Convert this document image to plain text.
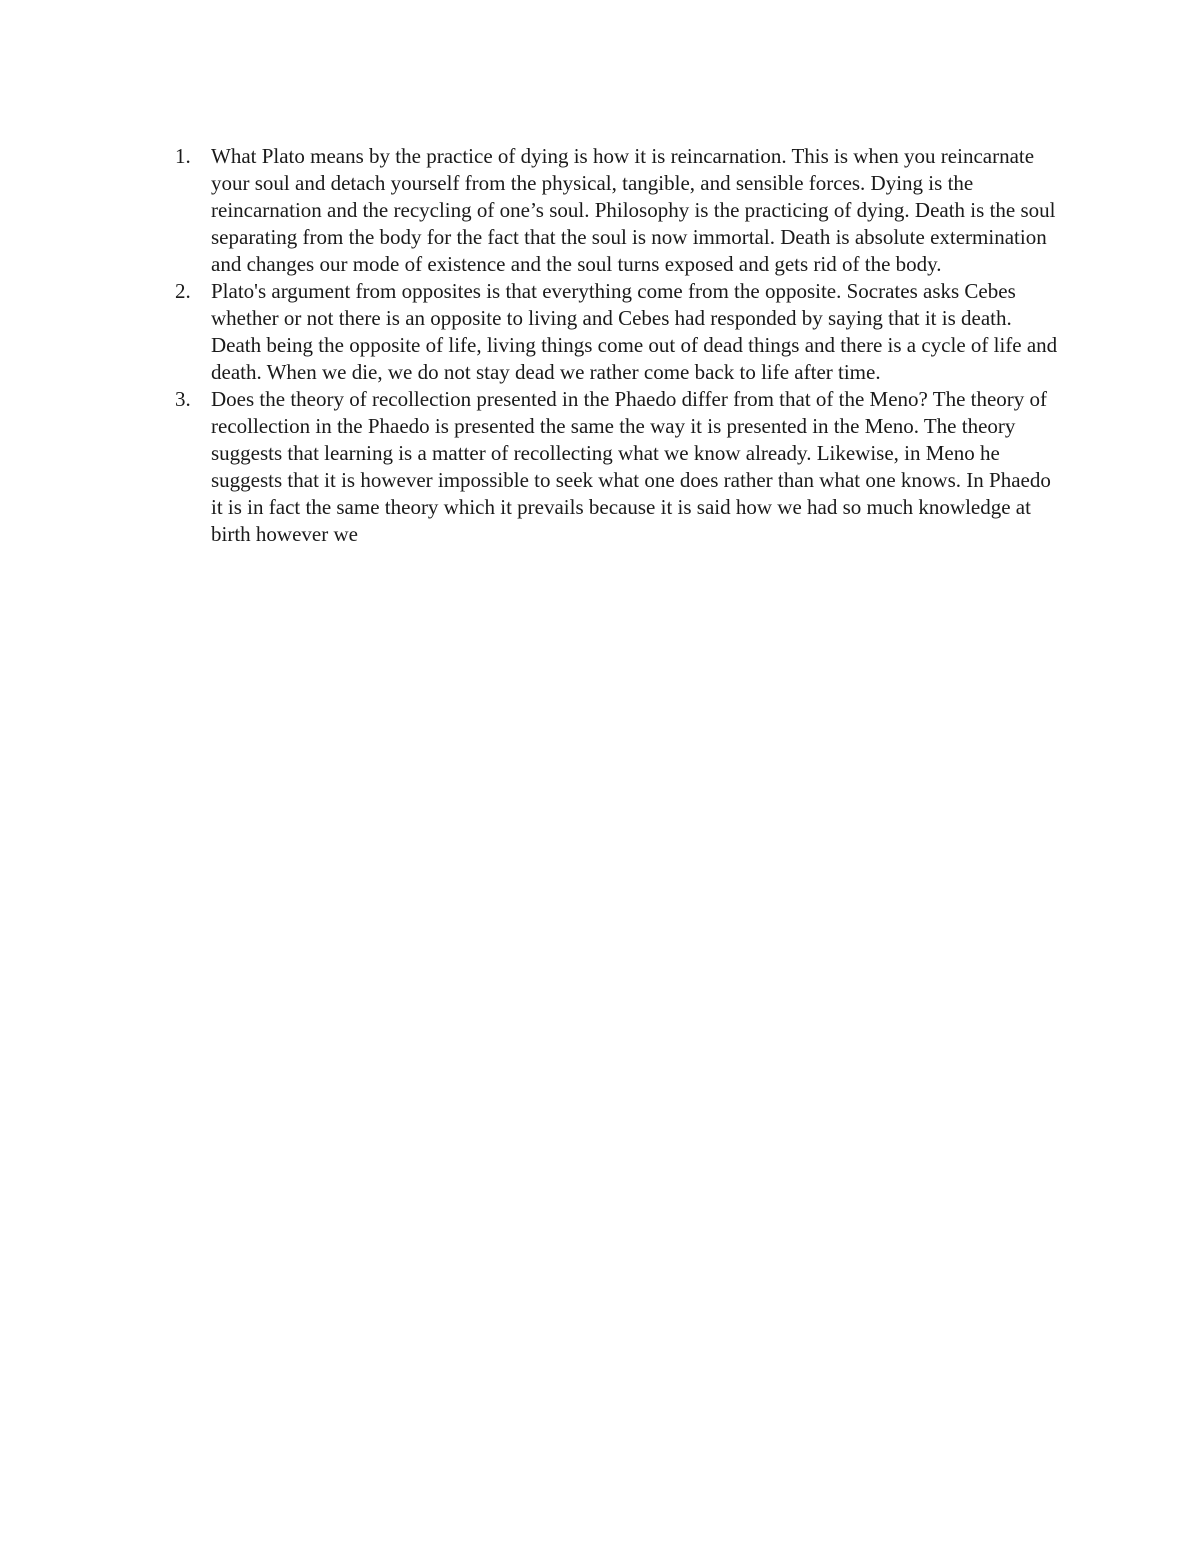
1. What Plato means by the practice of dying is how it is reincarnation. This is when you reincarnate your soul and detach yourself from the physical, tangible, and sensible forces. Dying is the reincarnation and the recycling of one’s soul. Philosophy is the practicing of dying. Death is the soul separating from the body for the fact that the soul is now immortal. Death is absolute extermination and changes our mode of existence and the soul turns exposed and gets rid of the body.
2. Plato's argument from opposites is that everything come from the opposite. Socrates asks Cebes whether or not there is an opposite to living and Cebes had responded by saying that it is death. Death being the opposite of life, living things come out of dead things and there is a cycle of life and death. When we die, we do not stay dead we rather come back to life after time.
3. Does the theory of recollection presented in the Phaedo differ from that of the Meno? The theory of recollection in the Phaedo is presented the same the way it is presented in the Meno. The theory suggests that learning is a matter of recollecting what we know already. Likewise, in Meno he suggests that it is however impossible to seek what one does rather than what one knows. In Phaedo it is in fact the same theory which it prevails because it is said how we had so much knowledge at birth however we
